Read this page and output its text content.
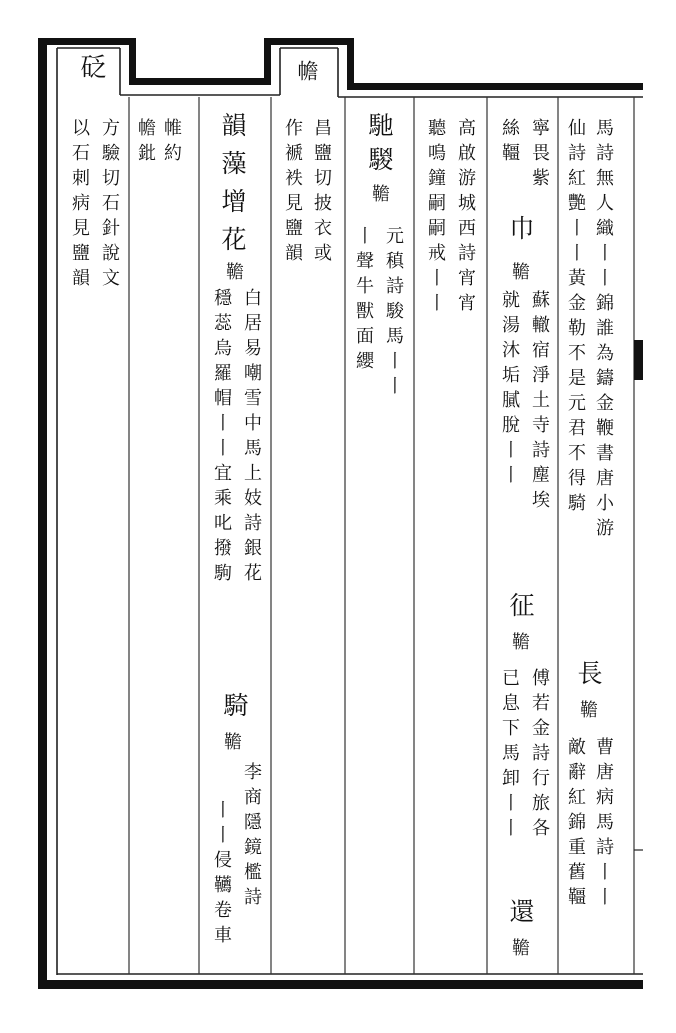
砭	幨
馬詩無人織丨丨錦誰為鑄金鞭書唐小游
仙詩紅艷丨丨黃金勒不是元君不得騎
長
韂
曹唐病馬詩丨丨
敵辭紅錦重舊韁
寧畏紫
絲韁
巾
韂
蘇轍宿淨土寺詩塵埃
就湯沐垢膩脫丨丨
征
韂
傅若金詩行旅各
已息下馬卸丨丨
還
韂
高啟游城西詩宵宵
聽鳴鐘嗣嗣戒丨丨
馳
騣
韂
元稹詩駿馬丨丨
丨聲牛獸面纓
昌鹽切披衣或
作褫袟見鹽韻
韻
藻
增
花
韂
白居易嘲雪中馬上妓詩銀花
穩蕊烏羅帽丨丨宜乘叱撥駒
騎
韂
李商隱鏡檻詩
丨丨侵韉卷車
帷約
幨鈚
方驗切石針說文
以石刺病見鹽韻
